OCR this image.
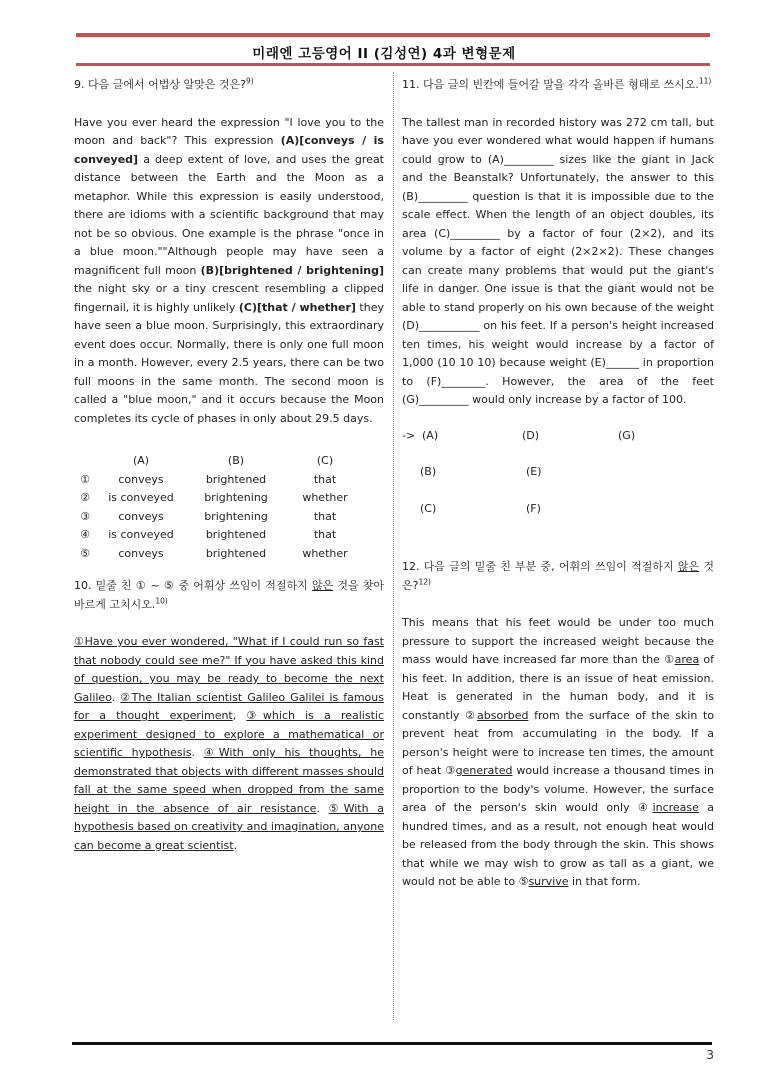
미래엔 고등영어 II (김성연) 4과 변형문제

9. 다음 글에서 어법상 알맞은 것은?$^{9)}$

Have you ever heard the expression "I love you to the moon and back"? This expression (A)[conveys / is conveyed] a deep extent of love, and uses the great distance between the Earth and the Moon as a metaphor. While this expression is easily understood, there are idioms with a scientific background that may not be so obvious. One example is the phrase "once in a blue moon.""Although people may have seen a magnificent full moon (B)[brightened / brightening] the night sky or a tiny crescent resembling a clipped fingernail, it is highly unlikely (C)[that / whether] they have seen a blue moon. Surprisingly, this extraordinary event does occur. Normally, there is only one full moon in a month. However, every 2.5 years, there can be two full moons in the same month. The second moon is called a "blue moon," and it occurs because the Moon completes its cycle of phases in only about 29.5 days.

	(A)	(B)	(C)
①	conveys	brightened	that
②	is conveyed	brightening	whether
③	conveys	brightening	that
④	is conveyed	brightened	that
⑤	conveys	brightened	whether

10. 밑줄 친 ① ~ ⑤ 중 어휘상 쓰임이 적절하지 않은 것을 찾아 바르게 고치시오.$^{10)}$

①Have you ever wondered, "What if I could run so fast that nobody could see me?" If you have asked this kind of question, you may be ready to become the next Galileo. ②The Italian scientist Galileo Galilei is famous for a thought experiment, ③which is a realistic experiment designed to explore a mathematical or scientific hypothesis. ④With only his thoughts, he demonstrated that objects with different masses should fall at the same speed when dropped from the same height in the absence of air resistance. ⑤With a hypothesis based on creativity and imagination, anyone can become a great scientist.

11. 다음 글의 빈칸에 들어갈 말을 각각 올바른 형태로 쓰시오.$^{11)}$

The tallest man in recorded history was 272 cm tall, but have you ever wondered what would happen if humans could grow to (A)_________ sizes like the giant in Jack and the Beanstalk? Unfortunately, the answer to this (B)_________ question is that it is impossible due to the scale effect. When the length of an object doubles, its area (C)_________ by a factor of four (2×2), and its volume by a factor of eight (2×2×2). These changes can create many problems that would put the giant's life in danger. One issue is that the giant would not be able to stand properly on his own because of the weight (D)___________ on his feet. If a person's height increased ten times, his weight would increase by a factor of 1,000 (10 10 10) because weight (E)______ in proportion to (F)________. However, the area of the feet (G)_________ would only increase by a factor of 100.

-> (A)	(D)	(G)
(B)	(E)
(C)	(F)

12. 다음 글의 밑줄 친 부분 중, 어휘의 쓰임이 적절하지 않은 것은?$^{12)}$

This means that his feet would be under too much pressure to support the increased weight because the mass would have increased far more than the ①area of his feet. In addition, there is an issue of heat emission. Heat is generated in the human body, and it is constantly ②absorbed from the surface of the skin to prevent heat from accumulating in the body. If a person's height were to increase ten times, the amount of heat ③generated would increase a thousand times in proportion to the body's volume. However, the surface area of the person's skin would only ④increase a hundred times, and as a result, not enough heat would be released from the body through the skin. This shows that while we may wish to grow as tall as a giant, we would not be able to ⑤survive in that form.

3
